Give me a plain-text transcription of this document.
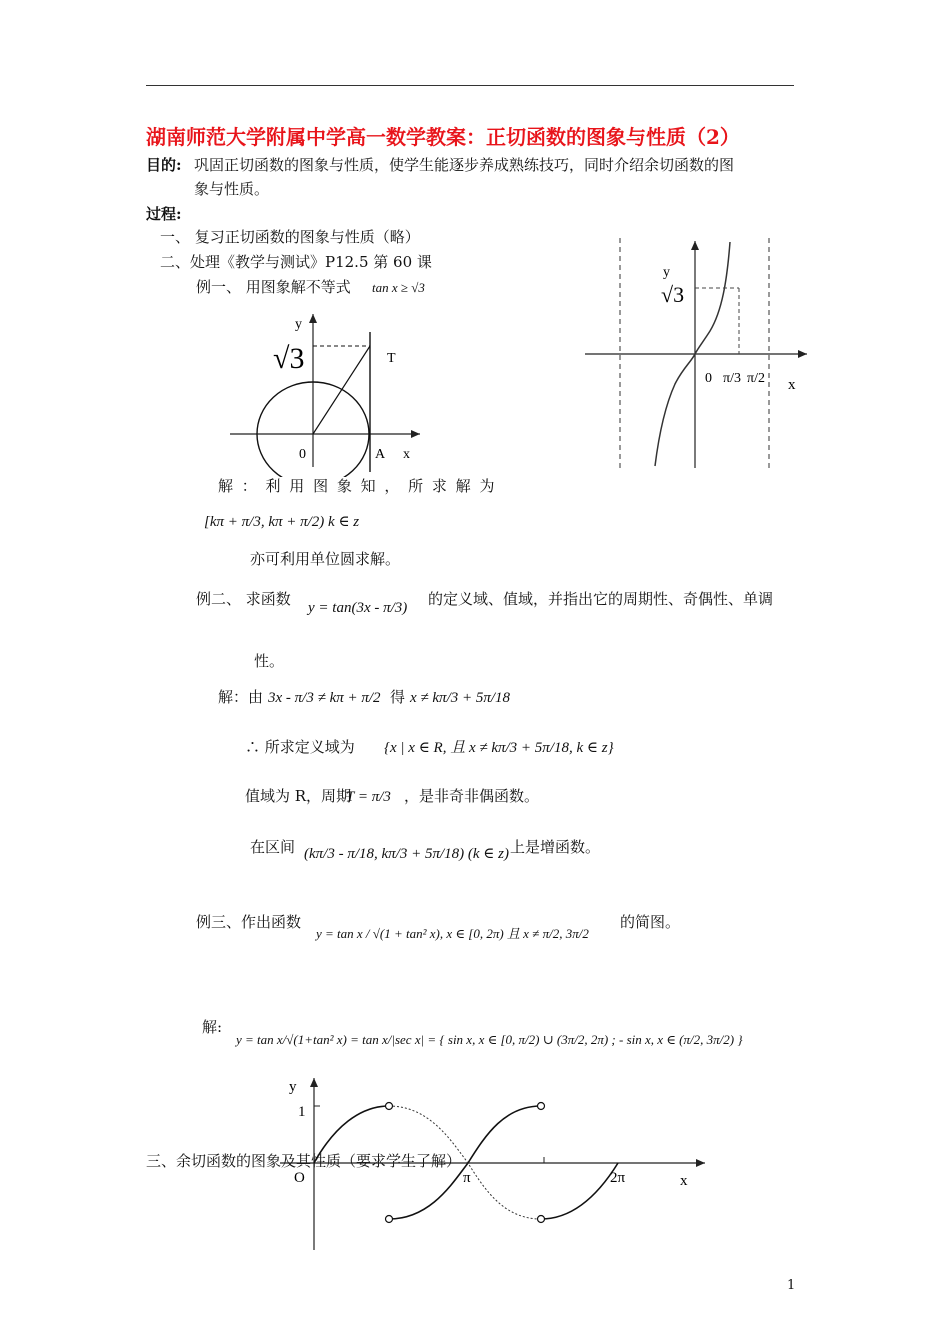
湖南师范大学附属中学高一数学教案：正切函数的图象与性质（2）
目的: 巩固正切函数的图象与性质，使学生能逐步养成熟练技巧，同时介绍余切函数的图
象与性质。
过程:
一、 复习正切函数的图象与性质（略）
二、处理《教学与测试》P12.5 第 60 课
例一、 用图象解不等式 tan x ≥ √3
y
√3	T
0	A x
y
√3
0 π/3 π/2 x
解 ： 利 用 图 象 知 ， 所 求 解 为
[kπ + π/3, kπ + π/2) k ∈ z
亦可利用单位圆求解。
例二、 求函数 y = tan(3x - π/3) 的定义域、值域，并指出它的周期性、奇偶性、单调
性。
解：由 3x - π/3 ≠ kπ + π/2 得 x ≠ kπ/3 + 5π/18
∴ 所求定义域为 {x | x ∈ R, 且 x ≠ kπ/3 + 5π/18, k ∈ z}
值域为 R，周期
T = π/3 ，是非奇非偶函数。
在区间 (kπ/3 - π/18, kπ/3 + 5π/18) (k ∈ z) 上是增函数。
例三、作出函数
y = tan x / √(1 + tan² x), x ∈ [0, 2π) 且 x ≠ π/2, 3π/2
的简图。
解:
y = tan x/√(1+tan² x) = tan x/|sec x| = { sin x, x ∈ [0, π/2) ∪ (3π/2, 2π) ; - sin x, x ∈ (π/2, 3π/2) }
三、余切函数的图象及其性质（要求学生了解）
y
1
O	π	2π	x
1
